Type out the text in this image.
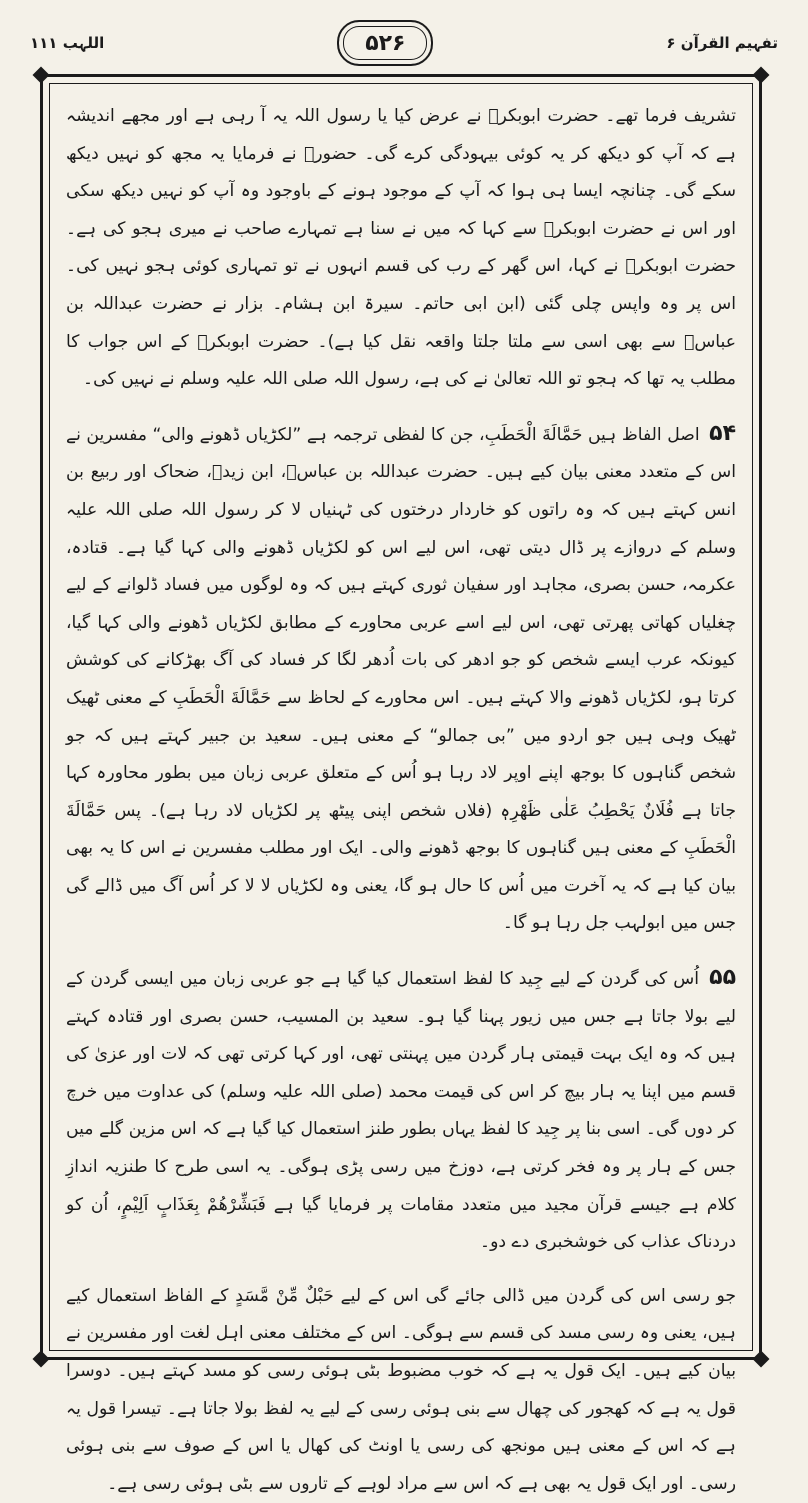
اللہب ۱۱۱	۵۲۶	تفہیم القرآن ۶

تشریف فرما تھے۔ حضرت ابوبکرؓ نے عرض کیا یا رسول اللہ یہ آ رہی ہے اور مجھے اندیشہ ہے کہ آپ کو دیکھ کر یہ کوئی بیہودگی کرے گی۔ حضورؐ نے فرمایا یہ مجھ کو نہیں دیکھ سکے گی۔ چنانچہ ایسا ہی ہوا کہ آپ کے موجود ہونے کے باوجود وہ آپ کو نہیں دیکھ سکی اور اس نے حضرت ابوبکرؓ سے کہا کہ میں نے سنا ہے تمہارے صاحب نے میری ہجو کی ہے۔ حضرت ابوبکرؓ نے کہا، اس گھر کے رب کی قسم انہوں نے تو تمہاری کوئی ہجو نہیں کی۔ اس پر وہ واپس چلی گئی (ابن ابی حاتم۔ سیرۃ ابن ہشام۔ بزار نے حضرت عبداللہ بن عباسؓ سے بھی اسی سے ملتا جلتا واقعہ نقل کیا ہے)۔ حضرت ابوبکرؓ کے اس جواب کا مطلب یہ تھا کہ ہجو تو اللہ تعالیٰ نے کی ہے، رسول اللہ صلی اللہ علیہ وسلم نے نہیں کی۔

۵۴ اصل الفاظ ہیں حَمَّالَةَ الْحَطَبِ، جن کا لفظی ترجمہ ہے ”لکڑیاں ڈھونے والی“ مفسرین نے اس کے متعدد معنی بیان کیے ہیں۔ حضرت عبداللہ بن عباسؓ، ابن زیدؓ، ضحاک اور ربیع بن انس کہتے ہیں کہ وہ راتوں کو خاردار درختوں کی ٹہنیاں لا کر رسول اللہ صلی اللہ علیہ وسلم کے دروازے پر ڈال دیتی تھی، اس لیے اس کو لکڑیاں ڈھونے والی کہا گیا ہے۔ قتادہ، عکرمہ، حسن بصری، مجاہد اور سفیان ثوری کہتے ہیں کہ وہ لوگوں میں فساد ڈلوانے کے لیے چغلیاں کھاتی پھرتی تھی، اس لیے اسے عربی محاورے کے مطابق لکڑیاں ڈھونے والی کہا گیا، کیونکہ عرب ایسے شخص کو جو ادھر کی بات اُدھر لگا کر فساد کی آگ بھڑکانے کی کوشش کرتا ہو، لکڑیاں ڈھونے والا کہتے ہیں۔ اس محاورے کے لحاظ سے حَمَّالَةَ الْحَطَبِ کے معنی ٹھیک ٹھیک وہی ہیں جو اردو میں ”بی جمالو“ کے معنی ہیں۔ سعید بن جبیر کہتے ہیں کہ جو شخص گناہوں کا بوجھ اپنے اوپر لاد رہا ہو اُس کے متعلق عربی زبان میں بطور محاورہ کہا جاتا ہے فُلَانٌ يَحْطِبُ عَلٰى ظَهْرِهٖ (فلاں شخص اپنی پیٹھ پر لکڑیاں لاد رہا ہے)۔ پس حَمَّالَةَ الْحَطَبِ کے معنی ہیں گناہوں کا بوجھ ڈھونے والی۔ ایک اور مطلب مفسرین نے اس کا یہ بھی بیان کیا ہے کہ یہ آخرت میں اُس کا حال ہو گا، یعنی وہ لکڑیاں لا لا کر اُس آگ میں ڈالے گی جس میں ابولہب جل رہا ہو گا۔

۵۵ اُس کی گردن کے لیے جِید کا لفظ استعمال کیا گیا ہے جو عربی زبان میں ایسی گردن کے لیے بولا جاتا ہے جس میں زیور پہنا گیا ہو۔ سعید بن المسیب، حسن بصری اور قتادہ کہتے ہیں کہ وہ ایک بہت قیمتی ہار گردن میں پہنتی تھی، اور کہا کرتی تھی کہ لات اور عزیٰ کی قسم میں اپنا یہ ہار بیچ کر اس کی قیمت محمد (صلی اللہ علیہ وسلم) کی عداوت میں خرچ کر دوں گی۔ اسی بنا پر جِید کا لفظ یہاں بطور طنز استعمال کیا گیا ہے کہ اس مزین گلے میں جس کے ہار پر وہ فخر کرتی ہے، دوزخ میں رسی پڑی ہوگی۔ یہ اسی طرح کا طنزیہ اندازِ کلام ہے جیسے قرآن مجید میں متعدد مقامات پر فرمایا گیا ہے فَبَشِّرْهُمْ بِعَذَابٍ اَلِيْمٍ، اُن کو دردناک عذاب کی خوشخبری دے دو۔

جو رسی اس کی گردن میں ڈالی جائے گی اس کے لیے حَبْلٌ مِّنْ مَّسَدٍ کے الفاظ استعمال کیے ہیں، یعنی وہ رسی مسد کی قسم سے ہوگی۔ اس کے مختلف معنی اہل لغت اور مفسرین نے بیان کیے ہیں۔ ایک قول یہ ہے کہ خوب مضبوط بٹی ہوئی رسی کو مسد کہتے ہیں۔ دوسرا قول یہ ہے کہ کھجور کی چھال سے بنی ہوئی رسی کے لیے یہ لفظ بولا جاتا ہے۔ تیسرا قول یہ ہے کہ اس کے معنی ہیں مونجھ کی رسی یا اونٹ کی کھال یا اس کے صوف سے بنی ہوئی رسی۔ اور ایک قول یہ بھی ہے کہ اس سے مراد لوہے کے تاروں سے بٹی ہوئی رسی ہے۔
